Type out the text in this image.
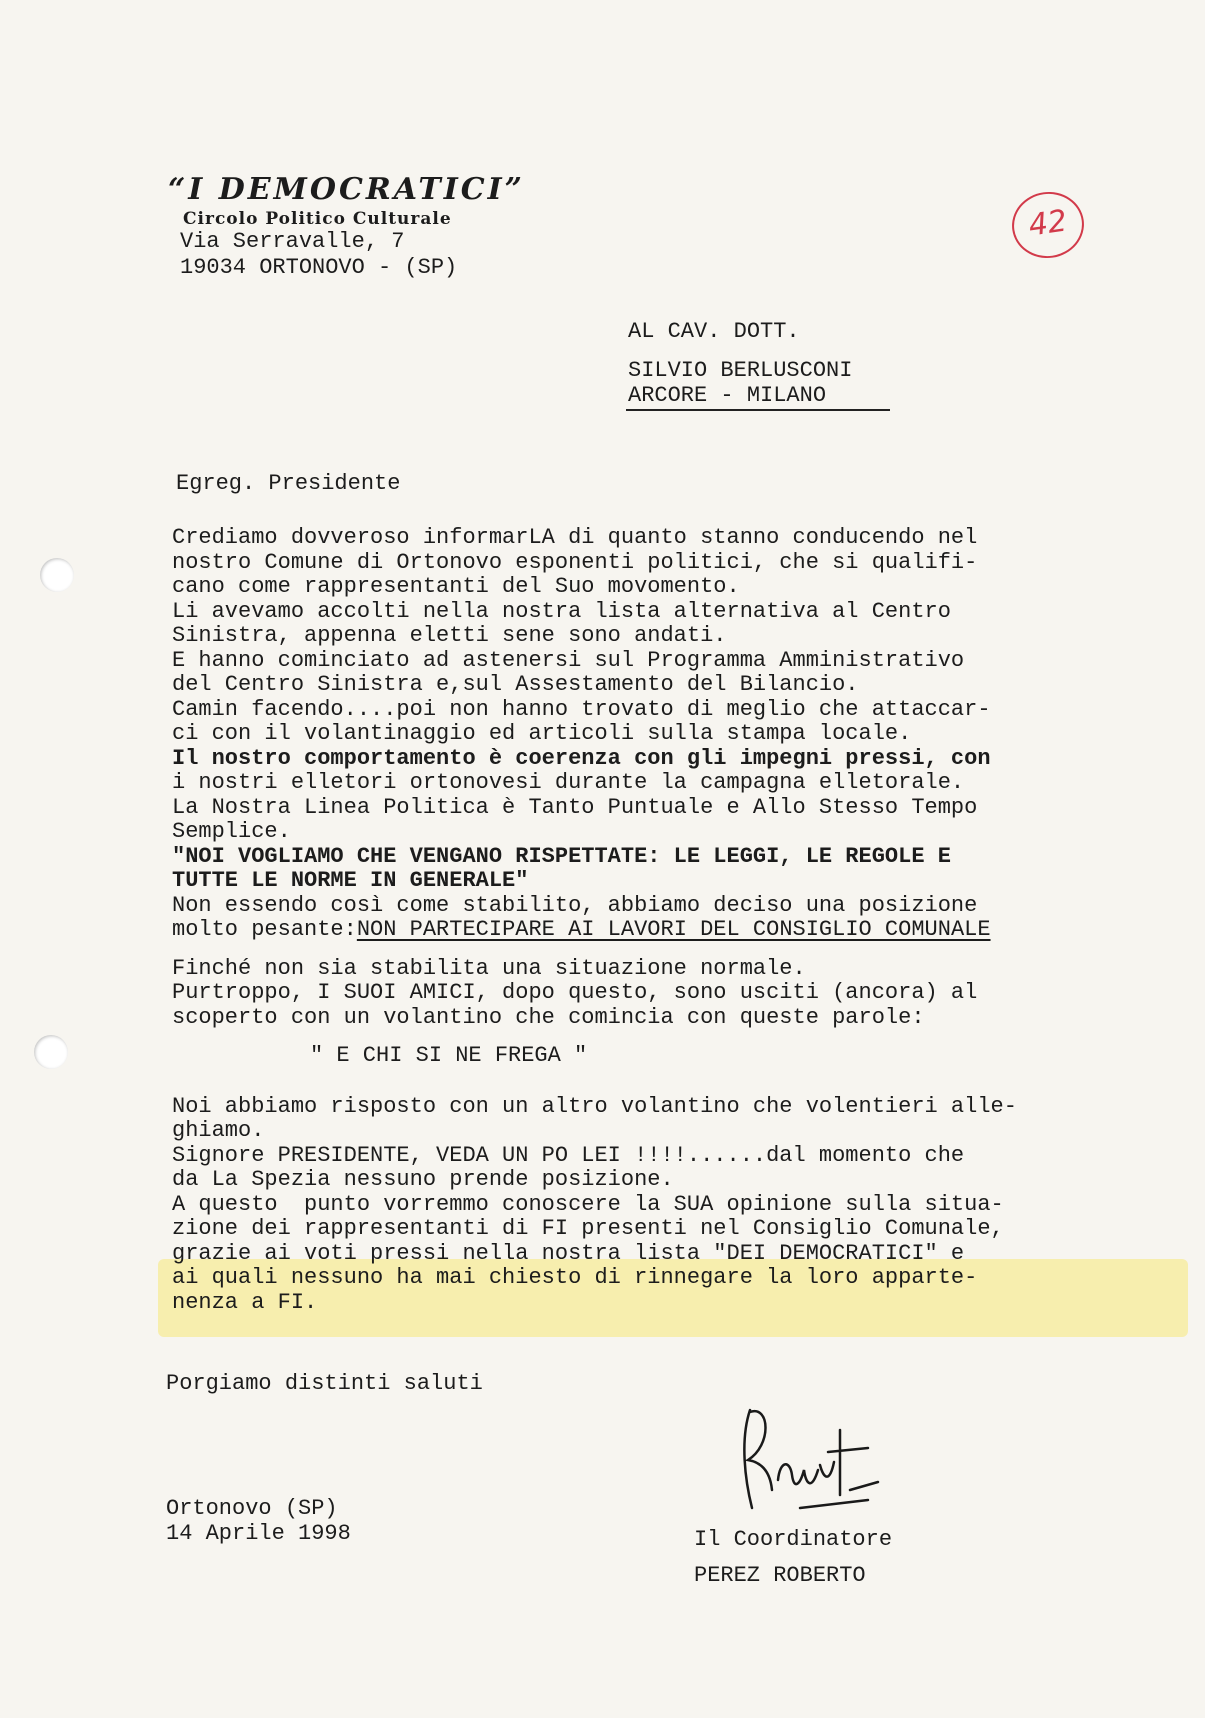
“I DEMOCRATICI”
Circolo Politico Culturale
Via Serravalle, 7
19034 ORTONOVO - (SP)
42
AL CAV. DOTT.
SILVIO BERLUSCONI
ARCORE - MILANO
Egreg. Presidente
Crediamo dovveroso informarLA di quanto stanno conducendo nel
nostro Comune di Ortonovo esponenti politici, che si qualifi-
cano come rappresentanti del Suo movomento.
Li avevamo accolti nella nostra lista alternativa al Centro
Sinistra, appenna eletti sene sono andati.
E hanno cominciato ad astenersi sul Programma Amministrativo
del Centro Sinistra e,sul Assestamento del Bilancio.
Camin facendo....poi non hanno trovato di meglio che attaccar-
ci con il volantinaggio ed articoli sulla stampa locale.
Il nostro comportamento è coerenza con gli impegni pressi, con
i nostri elletori ortonovesi durante la campagna elletorale.
La Nostra Linea Politica è Tanto Puntuale e Allo Stesso Tempo
Semplice.
"NOI VOGLIAMO CHE VENGANO RISPETTATE: LE LEGGI, LE REGOLE E
TUTTE LE NORME IN GENERALE"
Non essendo così come stabilito, abbiamo deciso una posizione
molto pesante:NON PARTECIPARE AI LAVORI DEL CONSIGLIO COMUNALE
Finché non sia stabilita una situazione normale.
Purtroppo, I SUOI AMICI, dopo questo, sono usciti (ancora) al
scoperto con un volantino che comincia con queste parole:
" E CHI SI NE FREGA "
Noi abbiamo risposto con un altro volantino che volentieri alle-
ghiamo.
Signore PRESIDENTE, VEDA UN PO LEI !!!!......dal momento che
da La Spezia nessuno prende posizione.
A questo  punto vorremmo conoscere la SUA opinione sulla situa-
zione dei rappresentanti di FI presenti nel Consiglio Comunale,
grazie ai voti pressi nella nostra lista "DEI DEMOCRATICI" e
ai quali nessuno ha mai chiesto di rinnegare la loro apparte-
nenza a FI.
Porgiamo distinti saluti
Ortonovo (SP)
14 Aprile 1998	Il Coordinatore
PEREZ ROBERTO
